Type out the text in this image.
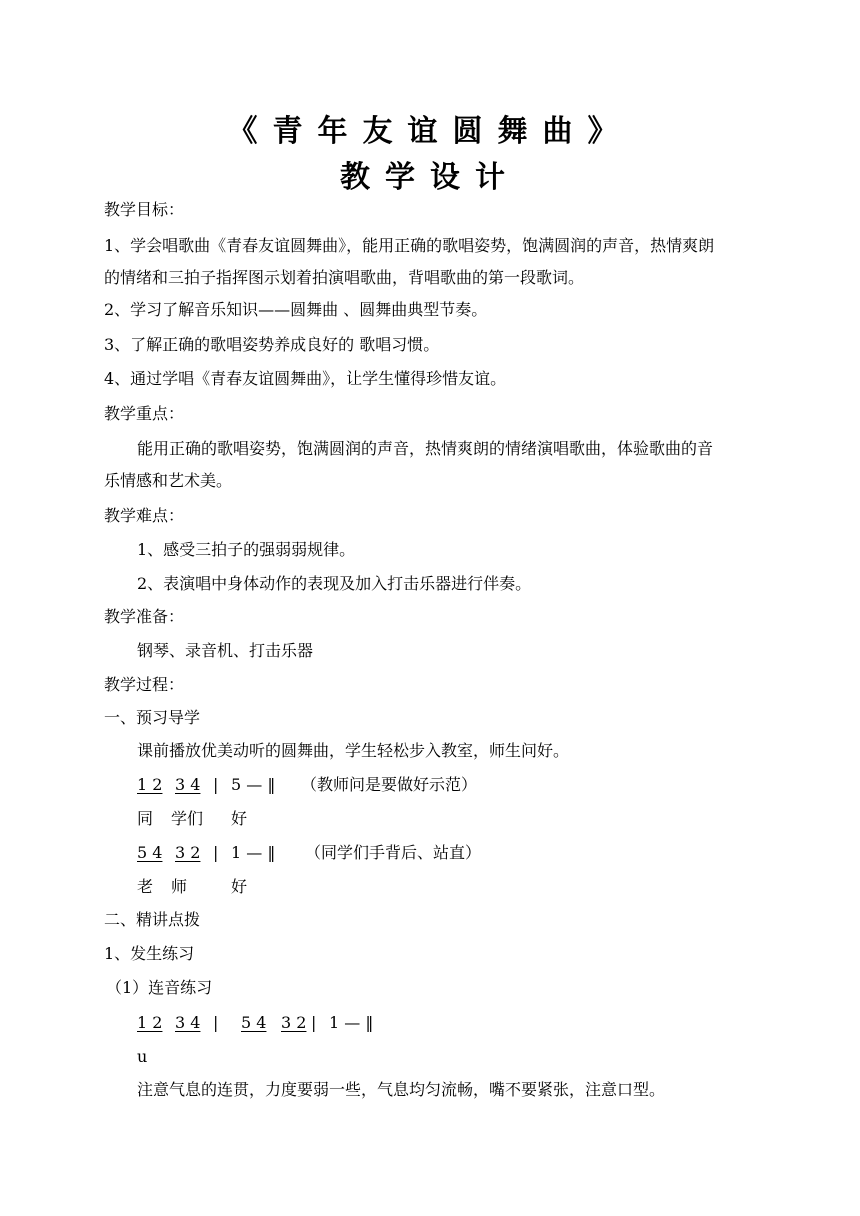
《青年友谊圆舞曲》
教学设计
教学目标：
1、学会唱歌曲《青春友谊圆舞曲》，能用正确的歌唱姿势，饱满圆润的声音，热情爽朗
的情绪和三拍子指挥图示划着拍演唱歌曲，背唱歌曲的第一段歌词。
2、学习了解音乐知识——圆舞曲 、圆舞曲典型节奏。
3、了解正确的歌唱姿势养成良好的 歌唱习惯。
4、通过学唱《青春友谊圆舞曲》，让学生懂得珍惜友谊。
教学重点：
能用正确的歌唱姿势，饱满圆润的声音，热情爽朗的情绪演唱歌曲，体验歌曲的音
乐情感和艺术美。
教学难点：
1、感受三拍子的强弱弱规律。
2、表演唱中身体动作的表现及加入打击乐器进行伴奏。
教学准备：
钢琴、录音机、打击乐器
教学过程：
一、预习导学
课前播放优美动听的圆舞曲，学生轻松步入教室，师生问好。
1 2 3 4 | 5 — ‖ （教师问是要做好示范）
同 学们 好
5 4 3 2 | 1 — ‖ （同学们手背后、站直）
老 师	好
二、精讲点拨
1、发生练习
（1）连音练习
1 2 3 4 | 5 4 3 2 | 1 — ‖
u
注意气息的连贯，力度要弱一些，气息均匀流畅，嘴不要紧张，注意口型。
